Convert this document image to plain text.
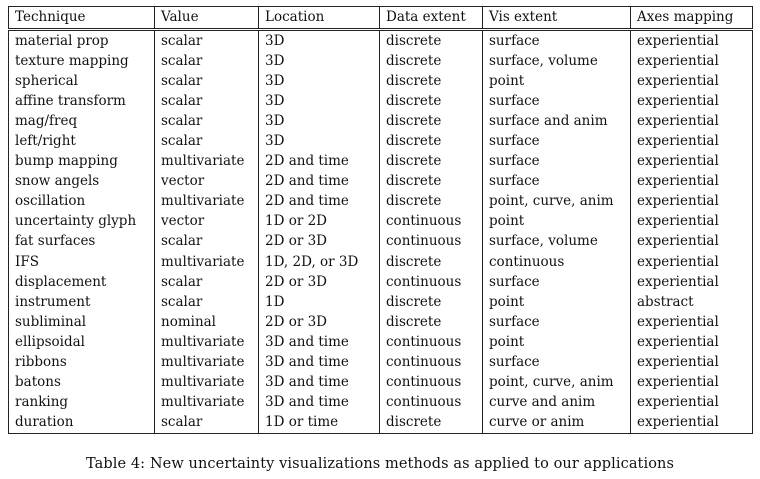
Technique	Value	Location	Data extent	Vis extent	Axes mapping
material prop	scalar	3D	discrete	surface	experiential
texture mapping	scalar	3D	discrete	surface, volume	experiential
spherical	scalar	3D	discrete	point	experiential
affine transform	scalar	3D	discrete	surface	experiential
mag/freq	scalar	3D	discrete	surface and anim	experiential
left/right	scalar	3D	discrete	surface	experiential
bump mapping	multivariate	2D and time	discrete	surface	experiential
snow angels	vector	2D and time	discrete	surface	experiential
oscillation	multivariate	2D and time	discrete	point, curve, anim	experiential
uncertainty glyph	vector	1D or 2D	continuous	point	experiential
fat surfaces	scalar	2D or 3D	continuous	surface, volume	experiential
IFS	multivariate	1D, 2D, or 3D	discrete	continuous	experiential
displacement	scalar	2D or 3D	continuous	surface	experiential
instrument	scalar	1D	discrete	point	abstract
subliminal	nominal	2D or 3D	discrete	surface	experiential
ellipsoidal	multivariate	3D and time	continuous	point	experiential
ribbons	multivariate	3D and time	continuous	surface	experiential
batons	multivariate	3D and time	continuous	point, curve, anim	experiential
ranking	multivariate	3D and time	continuous	curve and anim	experiential
duration	scalar	1D or time	discrete	curve or anim	experiential
Table 4: New uncertainty visualizations methods as applied to our applications
